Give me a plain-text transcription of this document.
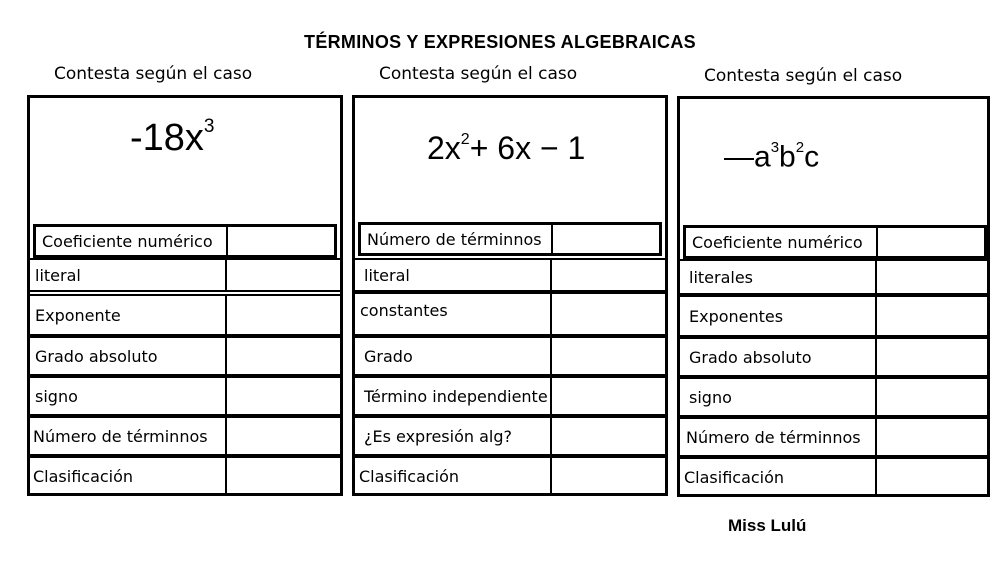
TÉRMINOS Y EXPRESIONES ALGEBRAICAS
Contesta según el caso
$-18x^3$
Coeficiente numérico
literal
Exponente
Grado absoluto
signo
Número de términnos
Clasificación
Contesta según el caso
$2x^2+ 6x - 1$
Número de términnos
literal
constantes
Grado
Término independiente
¿Es expresión alg?
Clasificación
Contesta según el caso
$—a^3b^2c$
Coeficiente numérico
literales
Exponentes
Grado absoluto
signo
Número de términnos
Clasificación
Miss Lulú
